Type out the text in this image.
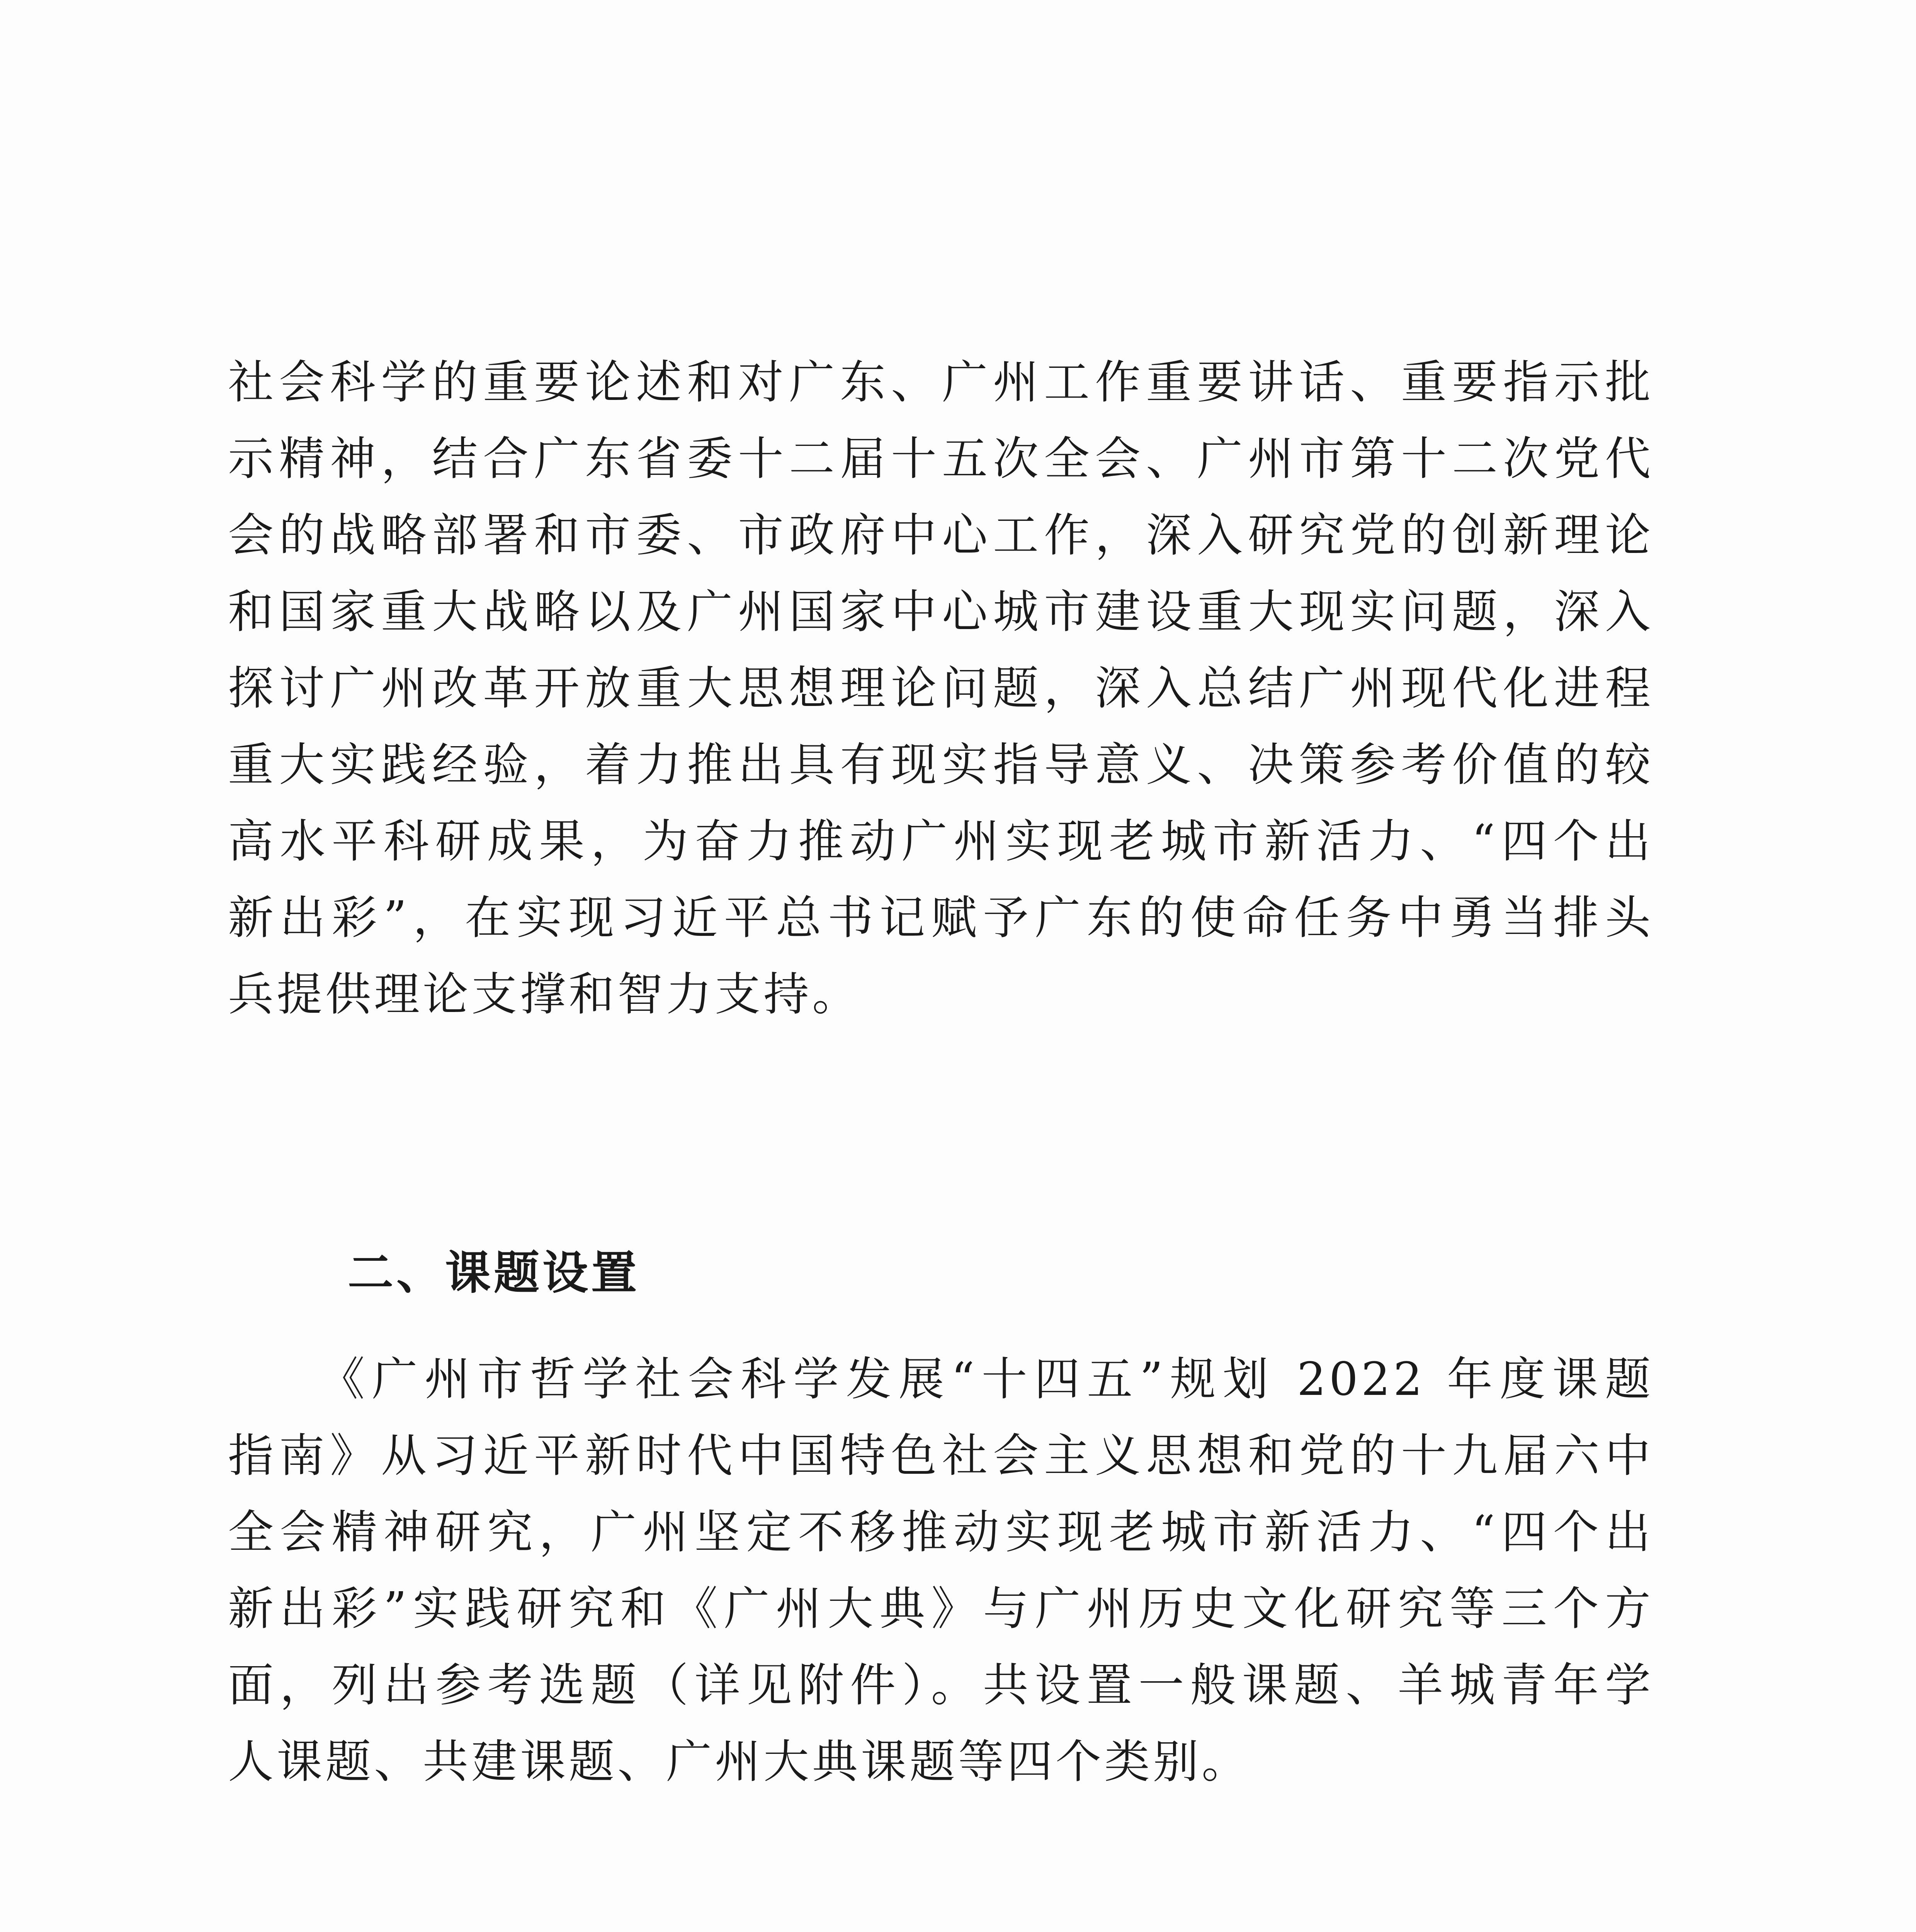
社会科学的重要论述和对广东、广州工作重要讲话、重要指示批
示精神，结合广东省委十二届十五次全会、广州市第十二次党代
会的战略部署和市委、市政府中心工作，深入研究党的创新理论
和国家重大战略以及广州国家中心城市建设重大现实问题，深入
探讨广州改革开放重大思想理论问题，深入总结广州现代化进程
重大实践经验，着力推出具有现实指导意义、决策参考价值的较
高水平科研成果，为奋力推动广州实现老城市新活力、“四个出
新出彩”，在实现习近平总书记赋予广东的使命任务中勇当排头
兵提供理论支撑和智力支持。
二、课题设置
《广州市哲学社会科学发展“十四五”规划 2022 年度课题
指南》从习近平新时代中国特色社会主义思想和党的十九届六中
全会精神研究，广州坚定不移推动实现老城市新活力、“四个出
新出彩”实践研究和《广州大典》与广州历史文化研究等三个方
面，列出参考选题（详见附件）。共设置一般课题、羊城青年学
人课题、共建课题、广州大典课题等四个类别。
